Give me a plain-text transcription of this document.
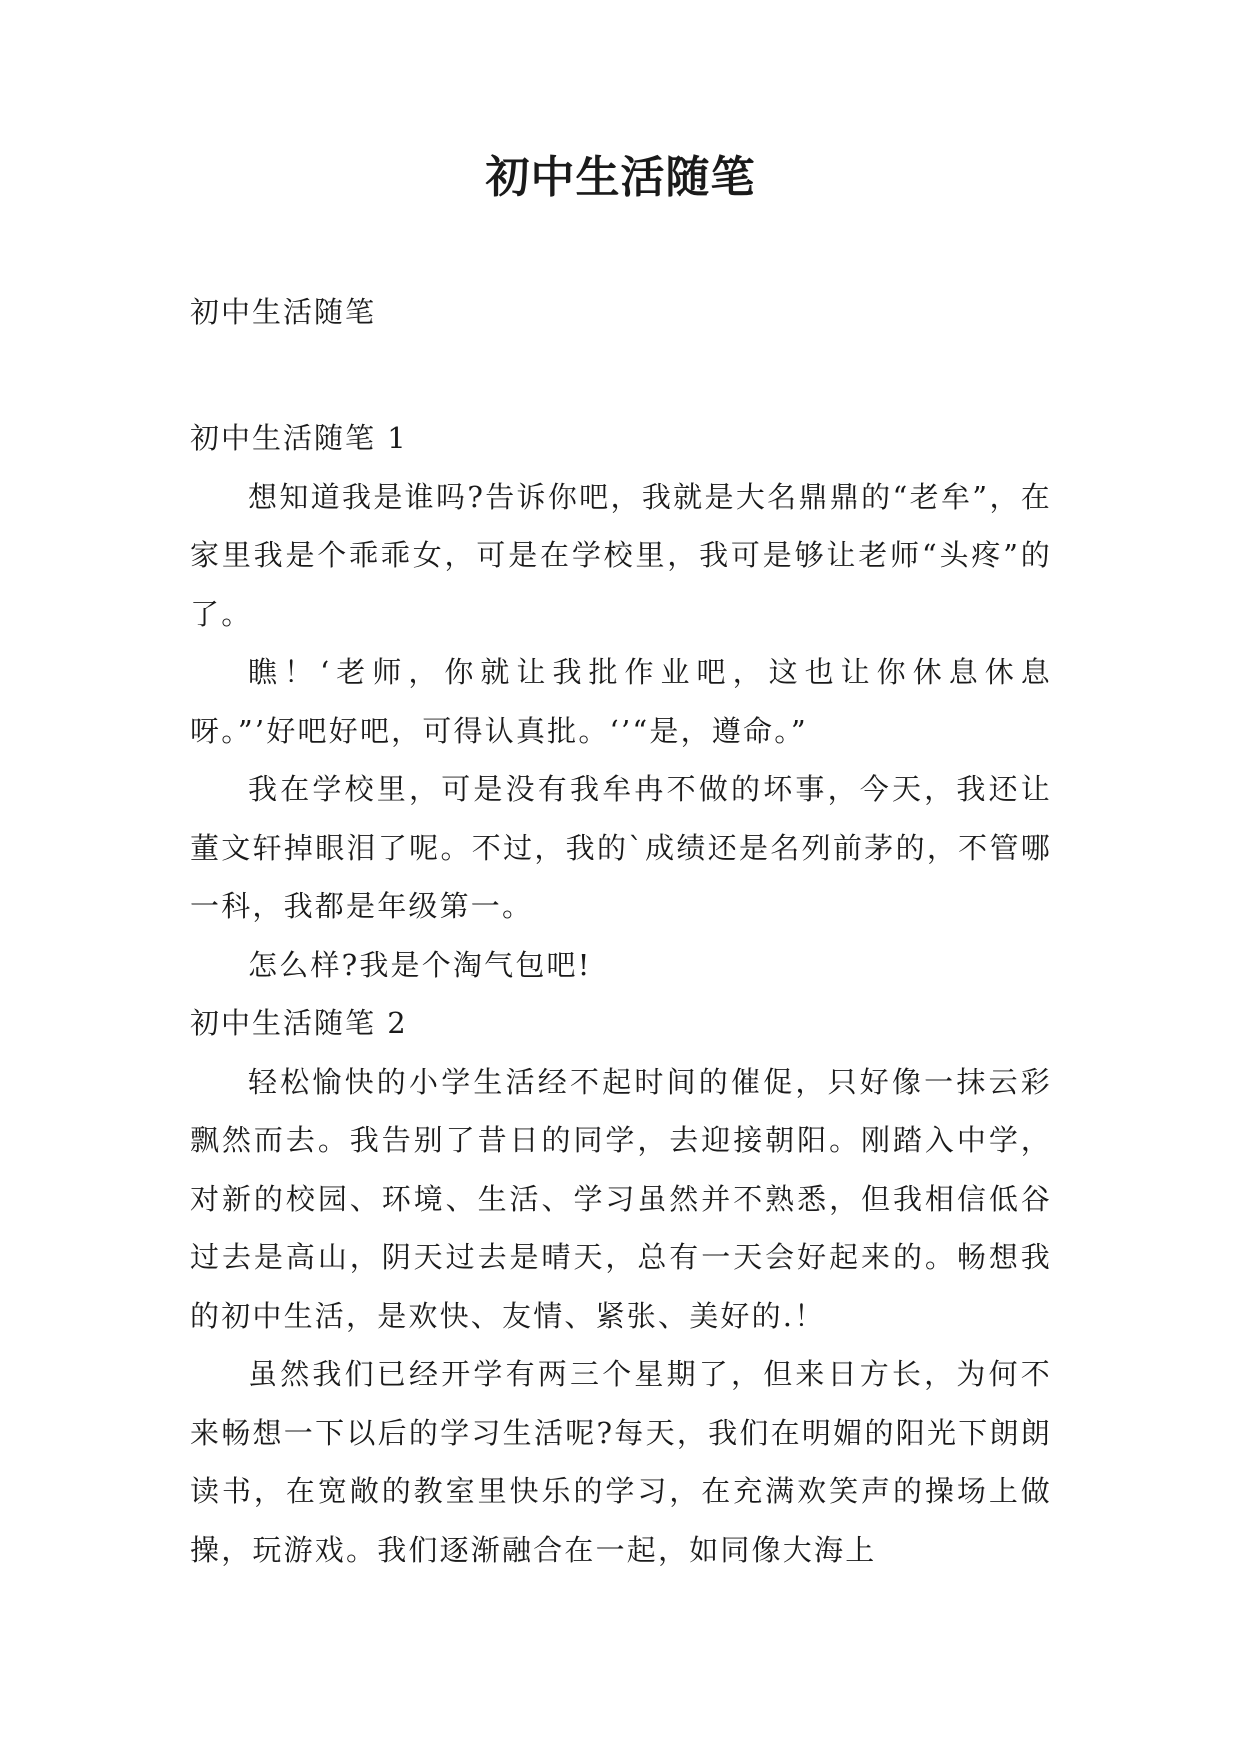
初中生活随笔

初中生活随笔

初中生活随笔 1

想知道我是谁吗?告诉你吧，我就是大名鼎鼎的“老牟”，在家里我是个乖乖女，可是在学校里，我可是够让老师“头疼”的了。

瞧！‘老师，你就让我批作业吧，这也让你休息休息呀。”’好吧好吧，可得认真批。‘’“是，遵命。”

我在学校里，可是没有我牟冉不做的坏事，今天，我还让董文轩掉眼泪了呢。不过，我的`成绩还是名列前茅的，不管哪一科，我都是年级第一。

怎么样?我是个淘气包吧!

初中生活随笔 2

轻松愉快的小学生活经不起时间的催促，只好像一抹云彩飘然而去。我告别了昔日的同学，去迎接朝阳。刚踏入中学，对新的校园、环境、生活、学习虽然并不熟悉，但我相信低谷过去是高山，阴天过去是晴天，总有一天会好起来的。畅想我的初中生活，是欢快、友情、紧张、美好的.！

虽然我们已经开学有两三个星期了，但来日方长，为何不来畅想一下以后的学习生活呢?每天，我们在明媚的阳光下朗朗读书，在宽敞的教室里快乐的学习，在充满欢笑声的操场上做操，玩游戏。我们逐渐融合在一起，如同像大海上
